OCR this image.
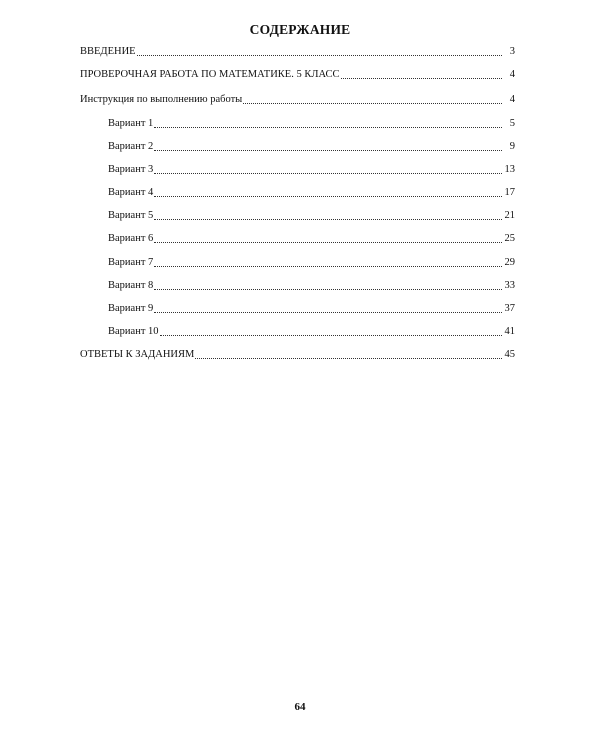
СОДЕРЖАНИЕ
ВВЕДЕНИЕ	3
ПРОВЕРОЧНАЯ РАБОТА ПО МАТЕМАТИКЕ. 5 КЛАСС	4
Инструкция по выполнению работы	4
Вариант 1	5
Вариант 2	9
Вариант 3	13
Вариант 4	17
Вариант 5	21
Вариант 6	25
Вариант 7	29
Вариант 8	33
Вариант 9	37
Вариант 10	41
ОТВЕТЫ К ЗАДАНИЯМ	45
64
